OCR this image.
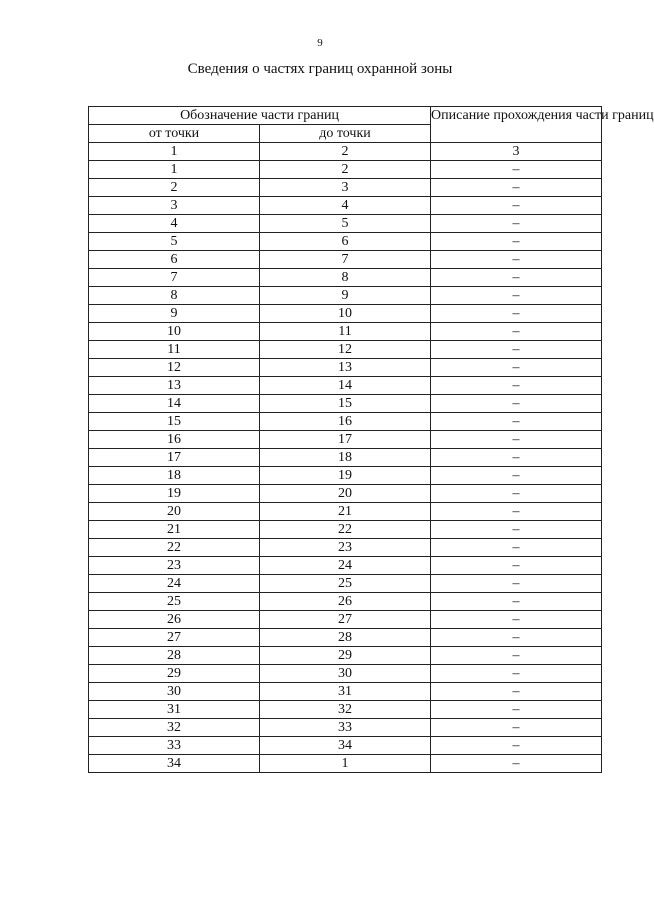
9
Сведения о частях границ охранной зоны
Обозначение части границ		Описание прохождения части границ
от точки	до точки	
1	2	3
1	2	–
2	3	–
3	4	–
4	5	–
5	6	–
6	7	–
7	8	–
8	9	–
9	10	–
10	11	–
11	12	–
12	13	–
13	14	–
14	15	–
15	16	–
16	17	–
17	18	–
18	19	–
19	20	–
20	21	–
21	22	–
22	23	–
23	24	–
24	25	–
25	26	–
26	27	–
27	28	–
28	29	–
29	30	–
30	31	–
31	32	–
32	33	–
33	34	–
34	1	–
